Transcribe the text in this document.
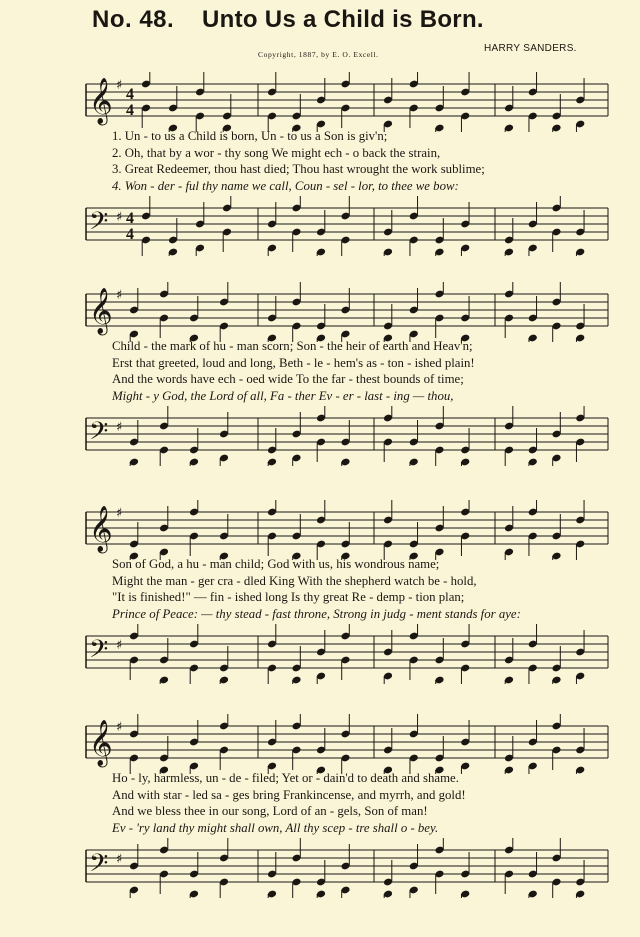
No. 48. Unto Us a Child is Born.
Copyright, 1887, by E. O. Excell.
HARRY SANDERS.
𝄞 ♯
4
4
1. Un - to us a Child is born, Un - to us a Son is giv'n;
2. Oh, that by a wor - thy song We might ech - o back the strain,
3. Great Redeemer, thou hast died; Thou hast wrought the work sublime;
4. Won - der - ful thy name we call, Coun - sel - lor, to thee we bow:
𝄢 ♯ 4
4
𝄞 ♯
Child - the mark of hu - man scorn; Son - the heir of earth and Heav'n;
Erst that greeted, loud and long, Beth - le - hem's as - ton - ished plain!
And the words have ech - oed wide To the far - thest bounds of time;
Might - y God, the Lord of all, Fa - ther Ev - er - last - ing — thou,
𝄢 ♯
𝄞 ♯
Son of God, a hu - man child; God with us, his wondrous name;
Might the man - ger cra - dled King With the shepherd watch be - hold,
"It is finished!" — fin - ished long Is thy great Re - demp - tion plan;
Prince of Peace: — thy stead - fast throne, Strong in judg - ment stands for aye:
𝄢 ♯
𝄞 ♯
Ho - ly, harmless, un - de - filed; Yet or - dain'd to death and shame.
And with star - led sa - ges bring Frankincense, and myrrh, and gold!
And we bless thee in our song, Lord of an - gels, Son of man!
Ev - 'ry land thy might shall own, All thy scep - tre shall o - bey.
𝄢 ♯
